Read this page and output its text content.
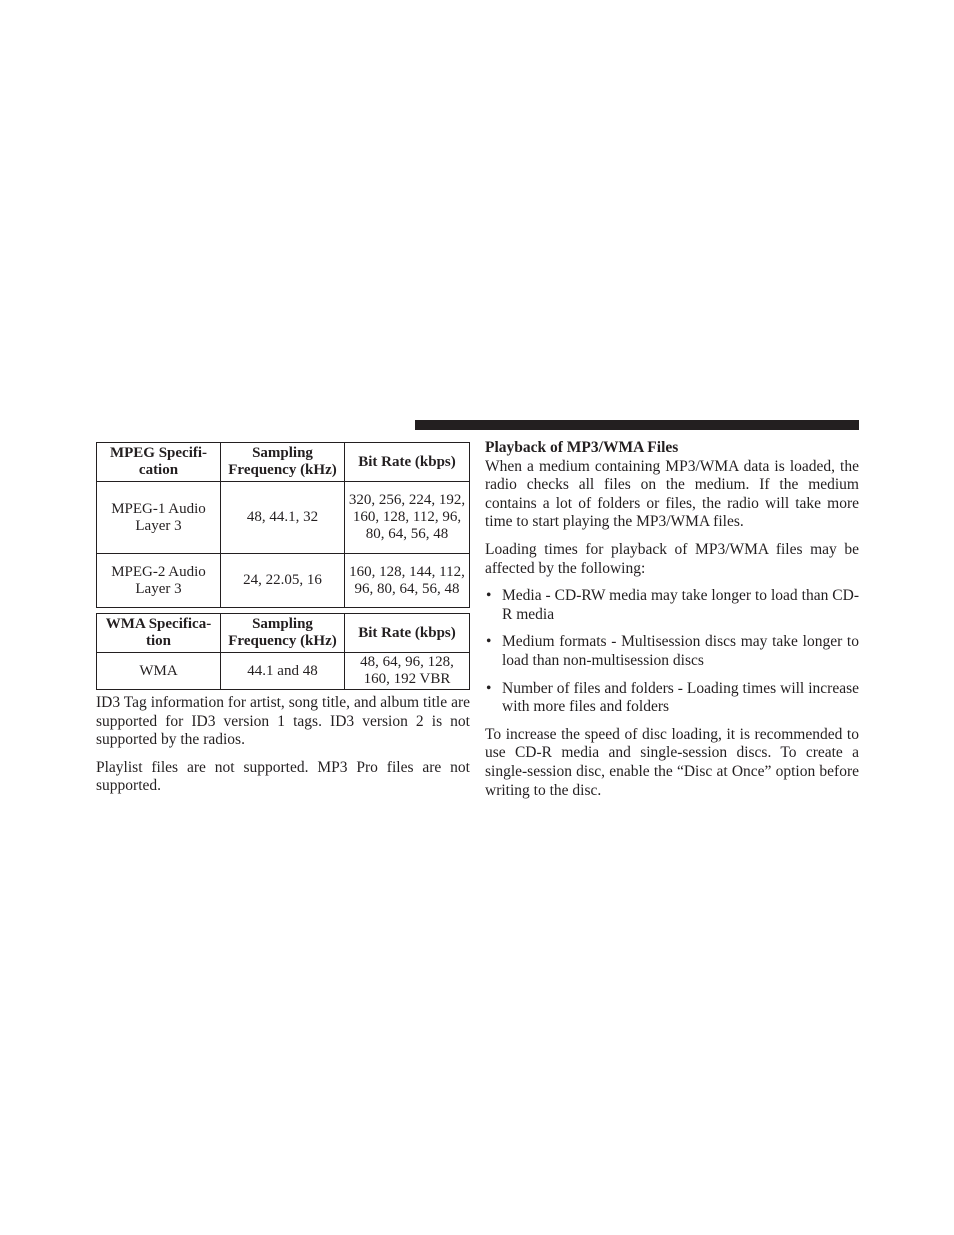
MPEG Specifi- cation	Sampling Frequency (kHz)	Bit Rate (kbps)
MPEG-1 Audio Layer 3	48, 44.1, 32	320, 256, 224, 192, 160, 128, 112, 96, 80, 64, 56, 48
MPEG-2 Audio Layer 3	24, 22.05, 16	160, 128, 144, 112, 96, 80, 64, 56, 48
WMA Specifica- tion	Sampling Frequency (kHz)	Bit Rate (kbps)
WMA	44.1 and 48	48, 64, 96, 128, 160, 192 VBR

ID3 Tag information for artist, song title, and album title are supported for ID3 version 1 tags. ID3 version 2 is not supported by the radios.

Playlist files are not supported. MP3 Pro files are not supported.

Playback of MP3/WMA Files

When a medium containing MP3/WMA data is loaded, the radio checks all files on the medium. If the medium contains a lot of folders or files, the radio will take more time to start playing the MP3/WMA files.

Loading times for playback of MP3/WMA files may be affected by the following:

• Media - CD-RW media may take longer to load than CD-R media
• Medium formats - Multisession discs may take longer to load than non-multisession discs
• Number of files and folders - Loading times will increase with more files and folders

To increase the speed of disc loading, it is recommended to use CD-R media and single-session discs. To create a single-session disc, enable the “Disc at Once” option before writing to the disc.
